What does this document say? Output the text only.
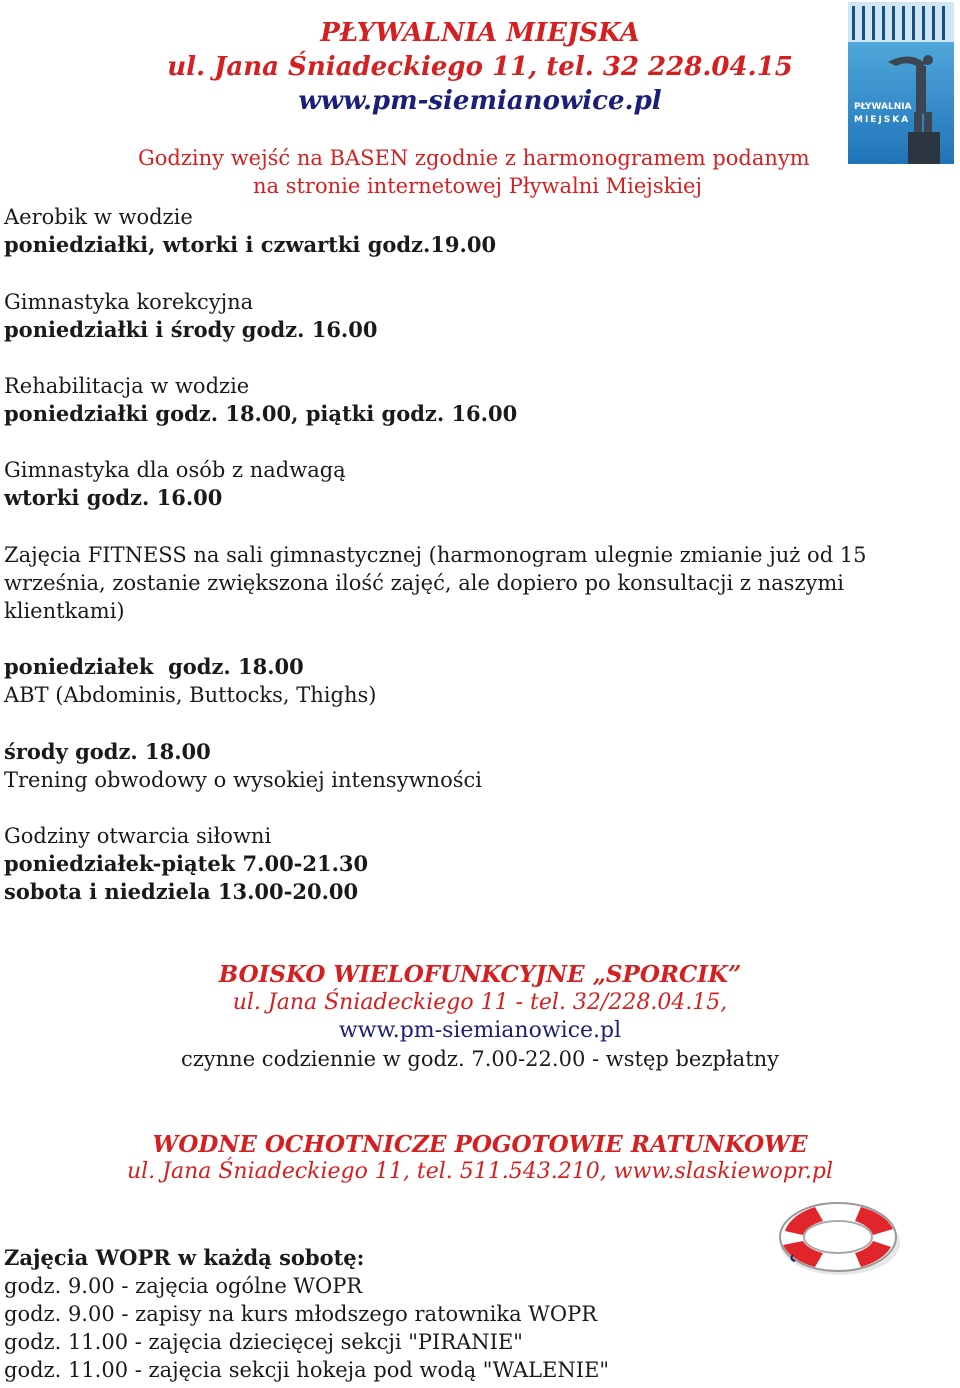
PŁYWALNIA MIEJSKA
ul. Jana Śniadeckiego 11, tel. 32 228.04.15
www.pm-siemianowice.pl	PŁYWALNIA
MIEJSKA
Godziny wejść na BASEN zgodnie z harmonogramem podanym
na stronie internetowej Pływalni Miejskiej
Aerobik w wodzie
poniedziałki, wtorki i czwartki godz.19.00
Gimnastyka korekcyjna
poniedziałki i środy godz. 16.00
Rehabilitacja w wodzie
poniedziałki godz. 18.00, piątki godz. 16.00
Gimnastyka dla osób z nadwagą
wtorki godz. 16.00
Zajęcia FITNESS na sali gimnastycznej (harmonogram ulegnie zmianie już od 15
września, zostanie zwiększona ilość zajęć, ale dopiero po konsultacji z naszymi
klientkami)
poniedziałek  godz. 18.00
ABT (Abdominis, Buttocks, Thighs)
środy godz. 18.00
Trening obwodowy o wysokiej intensywności
Godziny otwarcia siłowni
poniedziałek-piątek 7.00-21.30
sobota i niedziela 13.00-20.00
BOISKO WIELOFUNKCYJNE „SPORCIK”
ul. Jana Śniadeckiego 11 - tel. 32/228.04.15,
www.pm-siemianowice.pl
czynne codziennie w godz. 7.00-22.00 - wstęp bezpłatny
WODNE OCHOTNICZE POGOTOWIE RATUNKOWE
ul. Jana Śniadeckiego 11, tel. 511.543.210, www.slaskiewopr.pl
Zajęcia WOPR w każdą sobotę:
godz. 9.00 - zajęcia ogólne WOPR
godz. 9.00 - zapisy na kurs młodszego ratownika WOPR
godz. 11.00 - zajęcia dziecięcej sekcji "PIRANIE"
godz. 11.00 - zajęcia sekcji hokeja pod wodą "WALENIE"
